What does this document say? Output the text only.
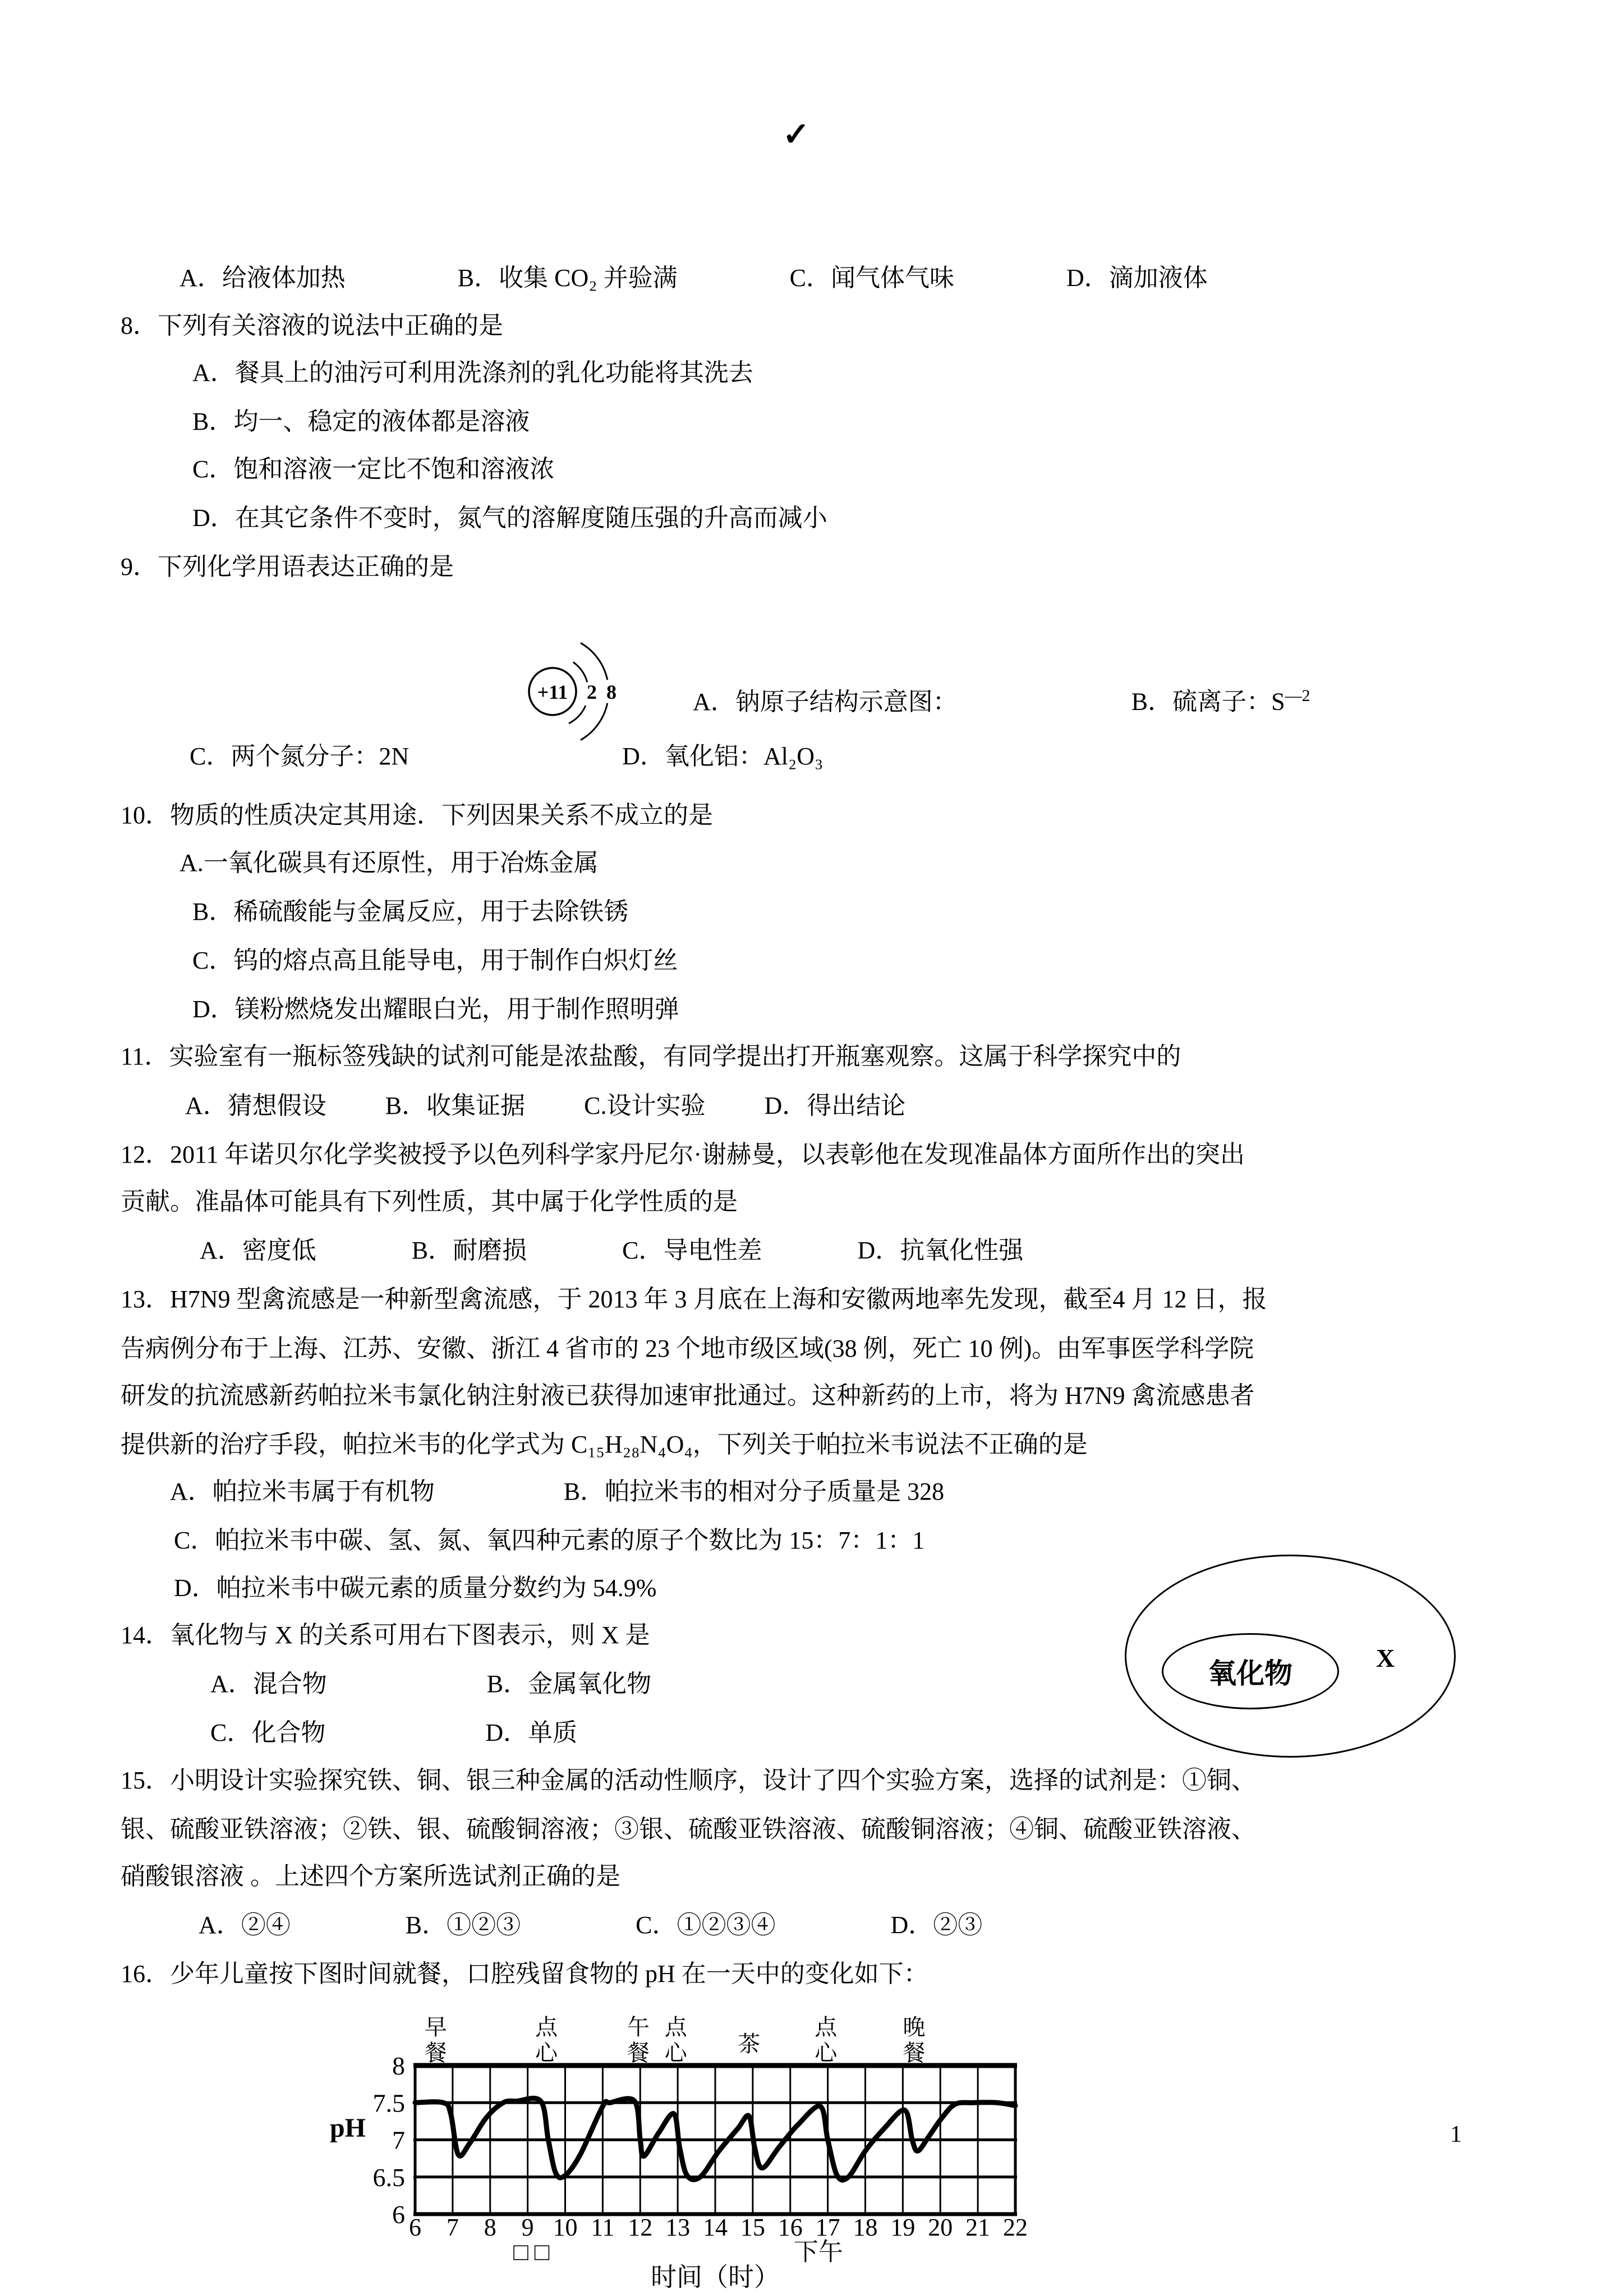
✓
A．给液体加热	B．收集 CO₂ 并验满	C．闻气体气味	D．滴加液体
8．下列有关溶液的说法中正确的是
A．餐具上的油污可利用洗涤剂的乳化功能将其洗去
B．均一、稳定的液体都是溶液
C．饱和溶液一定比不饱和溶液浓
D．在其它条件不变时，氮气的溶解度随压强的升高而减小
9．下列化学用语表达正确的是
+11 2 8	A．钠原子结构示意图：	B．硫离子：$S^{—2}$
C．两个氮分子：2N	D．氧化铝：Al₂O₃
10．物质的性质决定其用途．下列因果关系不成立的是
A.一氧化碳具有还原性，用于冶炼金属
B．稀硫酸能与金属反应，用于去除铁锈
C．钨的熔点高且能导电，用于制作白炽灯丝
D．镁粉燃烧发出耀眼白光，用于制作照明弹
11．实验室有一瓶标签残缺的试剂可能是浓盐酸，有同学提出打开瓶塞观察。这属于科学探究中的
A．猜想假设 B．收集证据 C.设计实验 D．得出结论
12．2011 年诺贝尔化学奖被授予以色列科学家丹尼尔·谢赫曼，以表彰他在发现准晶体方面所作出的突出
贡献。准晶体可能具有下列性质，其中属于化学性质的是
A．密度低	B．耐磨损	C．导电性差	D．抗氧化性强
13．H7N9 型禽流感是一种新型禽流感，于 2013 年 3 月底在上海和安徽两地率先发现，截至4 月 12 日，报
告病例分布于上海、江苏、安徽、浙江 4 省市的 23 个地市级区域(38 例，死亡 10 例)。由军事医学科学院
研发的抗流感新药帕拉米韦氯化钠注射液已获得加速审批通过。这种新药的上市，将为 H7N9 禽流感患者
提供新的治疗手段，帕拉米韦的化学式为 C₁₅H₂₈N₄O₄，下列关于帕拉米韦说法不正确的是
A．帕拉米韦属于有机物	B．帕拉米韦的相对分子质量是 328
C．帕拉米韦中碳、氢、氮、氧四种元素的原子个数比为 15：7：1：1
D．帕拉米韦中碳元素的质量分数约为 54.9%
14．氧化物与 X 的关系可用右下图表示，则 X 是
A．混合物	B．金属氧化物
C．化合物	D．单质
氧化物	X
15．小明设计实验探究铁、铜、银三种金属的活动性顺序，设计了四个实验方案，选择的试剂是：①铜、
银、硫酸亚铁溶液；②铁、银、硫酸铜溶液；③银、硫酸亚铁溶液、硫酸铜溶液；④铜、硫酸亚铁溶液、
硝酸银溶液 。上述四个方案所选试剂正确的是
A．②④	B．①②③	C．①②③④	D．②③
16．少年儿童按下图时间就餐，口腔残留食物的 pH 在一天中的变化如下：
6 7 8 9 10 11 12 13 14 15 16 17 18 19 20 21 22
6
6.5
7
7.5
8
pH
时间（时）
早餐
点心
午餐
点心 茶
点心
晚餐
□ □	下午
1
